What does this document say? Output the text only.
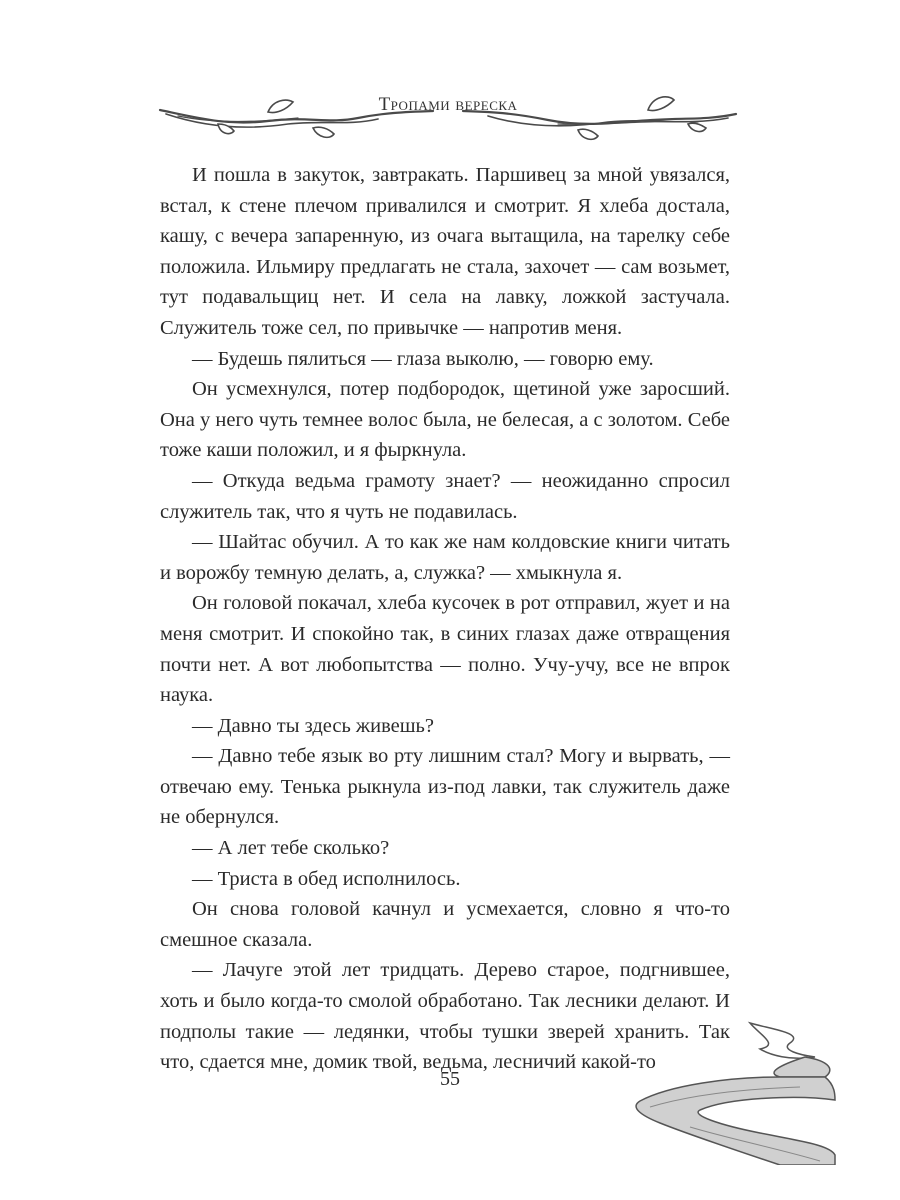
Тропами вереска

И пошла в закуток, завтракать. Паршивец за мной увязался, встал, к стене плечом привалился и смотрит. Я хлеба достала, кашу, с вечера запаренную, из очага вытащила, на тарелку себе положила. Ильмиру предлагать не стала, захочет — сам возьмет, тут подавальщиц нет. И села на лавку, ложкой застучала. Служитель тоже сел, по привычке — напротив меня.

— Будешь пялиться — глаза выколю, — говорю ему.

Он усмехнулся, потер подбородок, щетиной уже заросший. Она у него чуть темнее волос была, не белесая, а с золотом. Себе тоже каши положил, и я фыркнула.

— Откуда ведьма грамоту знает? — неожиданно спросил служитель так, что я чуть не подавилась.

— Шайтас обучил. А то как же нам колдовские книги читать и ворожбу темную делать, а, служка? — хмыкнула я.

Он головой покачал, хлеба кусочек в рот отправил, жует и на меня смотрит. И спокойно так, в синих глазах даже отвращения почти нет. А вот любопытства — полно. Учу-учу, все не впрок наука.

— Давно ты здесь живешь?

— Давно тебе язык во рту лишним стал? Могу и вырвать, — отвечаю ему. Тенька рыкнула из-под лавки, так служитель даже не обернулся.

— А лет тебе сколько?

— Триста в обед исполнилось.

Он снова головой качнул и усмехается, словно я что-то смешное сказала.

— Лачуге этой лет тридцать. Дерево старое, подгнившее, хоть и было когда-то смолой обработано. Так лесники делают. И подполы такие — ледянки, чтобы тушки зверей хранить. Так что, сдается мне, домик твой, ведьма, лесничий какой-то

55
